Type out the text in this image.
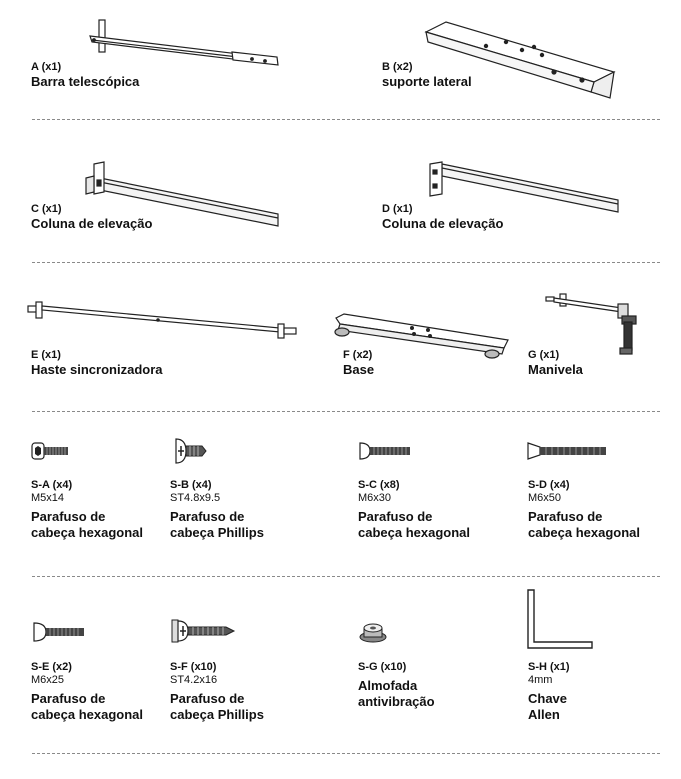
A (x1)
Barra telescópica
B (x2)
suporte lateral
C (x1)
Coluna de elevação
D (x1)
Coluna de elevação
E (x1)
Haste sincronizadora
F (x2)
Base
G (x1)
Manivela
S-A (x4)
M5x14
Parafuso de
cabeça hexagonal
S-B (x4)
ST4.8x9.5
Parafuso de
cabeça Phillips
S-C (x8)
M6x30
Parafuso de
cabeça hexagonal
S-D (x4)
M6x50
Parafuso de
cabeça hexagonal
S-E (x2)
M6x25
Parafuso de
cabeça hexagonal
S-F (x10)
ST4.2x16
Parafuso de
cabeça Phillips
S-G (x10)
Almofada
antivibração
S-H (x1)
4mm
Chave
Allen
